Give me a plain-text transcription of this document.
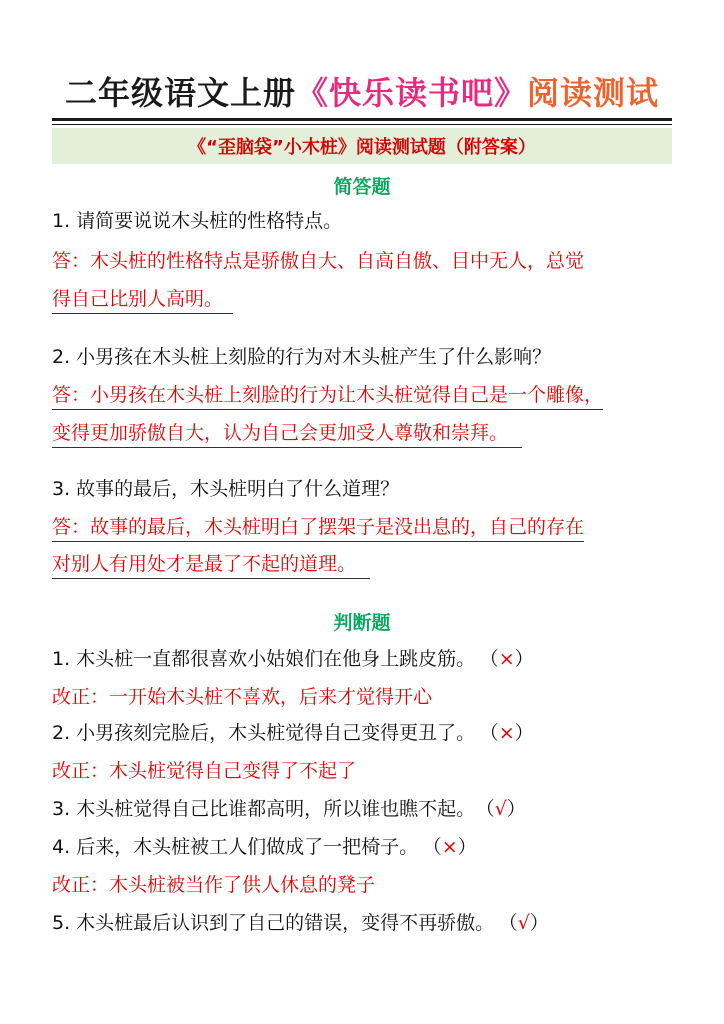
二年级语文上册《快乐读书吧》阅读测试
《“歪脑袋”小木桩》阅读测试题（附答案）
简答题
1. 请简要说说木头桩的性格特点。
答：木头桩的性格特点是骄傲自大、自高自傲、目中无人，总觉
得自己比别人高明。
2. 小男孩在木头桩上刻脸的行为对木头桩产生了什么影响？
答：小男孩在木头桩上刻脸的行为让木头桩觉得自己是一个雕像，
变得更加骄傲自大，认为自己会更加受人尊敬和崇拜。
3. 故事的最后，木头桩明白了什么道理？
答：故事的最后，木头桩明白了摆架子是没出息的，自己的存在
对别人有用处才是最了不起的道理。
判断题
1. 木头桩一直都很喜欢小姑娘们在他身上跳皮筋。 （×）
改正：一开始木头桩不喜欢，后来才觉得开心
2. 小男孩刻完脸后，木头桩觉得自己变得更丑了。 （×）
改正：木头桩觉得自己变得了不起了
3. 木头桩觉得自己比谁都高明，所以谁也瞧不起。 （√）
4. 后来，木头桩被工人们做成了一把椅子。 （×）
改正：木头桩被当作了供人休息的凳子
5. 木头桩最后认识到了自己的错误，变得不再骄傲。 （√）
